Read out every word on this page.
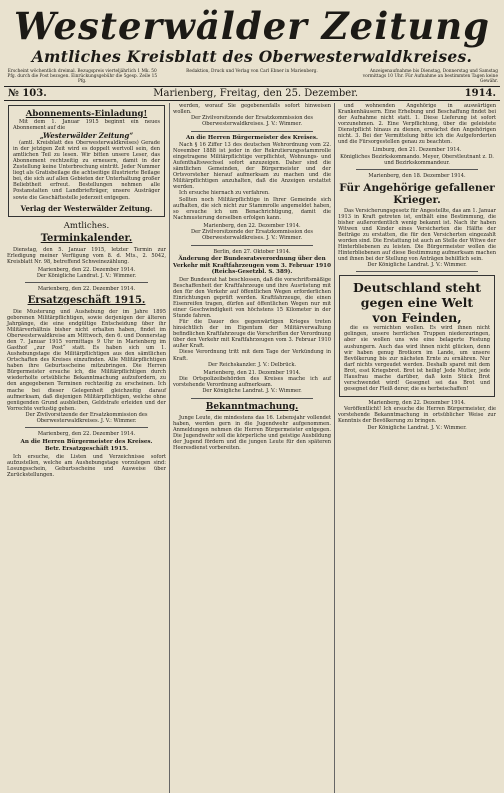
Westerwälder Zeitung
Amtliches Kreisblatt des Oberwesterwaldkreises.
Erscheint wöchentlich dreimal. Bezugspreis vierteljährlich 1 Mk. 50 Pfg. durch die Post bezogen. Einrückungsgebühr die 5gesp. Zeile 15 Pfg.
Redaktion, Druck und Verlag von Carl Ebner in Marienberg.	Anzeigenaufnahme bis Dienstag, Donnerstag und Samstag vormittags 10 Uhr. Für Aufnahme an bestimmten Tagen keine Gewähr.
№ 103.	Marienberg, Freitag, den 25. Dezember.	1914.
Abonnements-Einladung!

Mit dem 1. Januar 1915 beginnt ein neues Abonnement auf die

„Westerwälder Zeitung“

(amtl. Kreisblatt des Oberwesterwaldkreises) Gerade in der jetzigen Zeit wird es doppelt wertvoll sein, den amtlichen Teil zu lesen. Wir bitten unsere Leser, das Abonnement rechtzeitig zu erneuern, damit in der Zustellung keine Unterbrechung eintritt. Jeder Nummer liegt als Gratisbeilage die achtseitige illustrierte Beilage bei, die sich auf allen Gebieten der Unterhaltung großer Beliebtheit erfreut. Bestellungen nehmen alle Postanstalten und Landbriefträger, unsere Austräger sowie die Geschäftsstelle jederzeit entgegen.

Verlag der Westerwälder Zeitung.
Amtliches.
Terminkalender.

Dienstag, den 5. Januar 1915, letzter Termin zur Erledigung meiner Verfügung vom 8. d. Mts., 2. 5042, Kreisblatt Nr. 98, betreffend Schweinezählung.

Marienberg, den 22. Dezember 1914.
Der Königliche Landrat. J. V.: Wimmer.
Marienberg, den 22. Dezember 1914.
Ersatzgeschäft 1915.

Die Musterung und Aushebung der im Jahre 1895 geborenen Militärpflichtigen, sowie derjenigen der älteren Jahrgänge, die eine endgültige Entscheidung über ihr Militärverhältnis bisher nicht erhalten haben, findet im Oberwesterwaldkreise am Mittwoch, den 6. und Donnerstag den 7. Januar 1915 vormittags 9 Uhr in Marienberg im Gasthof „zur Post“ statt. Es haben sich um 1. Aushebungstage die Militärpflichtigen aus den sämtlichen Ortschaften des Kreises einzufinden. Alle Militärpflichtigen haben ihre Geburtsscheine mitzubringen. Die Herren Bürgermeister ersuche ich, die Militärpflichtigen durch wiederholte ortsübliche Bekanntmachung aufzufordern, zu den angegebenen Terminen rechtzeitig zu erscheinen. Ich mache bei dieser Gelegenheit gleichzeitig darauf aufmerksam, daß diejenigen Militärpflichtigen, welche ohne genügenden Grund ausbleiben, Geldstrafe erleiden und der Vorrechte verlustig gehen.

Der Zivilvorsitzende der Ersatzkommission des Oberwesterwaldkreises. J. V.: Wimmer.
Marienberg, den 22. Dezember 1914.
An die Herren Bürgermeister des Kreises.
Betr. Ersatzgeschäft 1915.

Ich ersuche, die Listen und Verzeichnisse sofort aufzustellen, welche am Aushebungstage vorzulegen sind: Losungsschein, Geburtsscheine und Ausweise über Zurückstellungen.

werden, worauf Sie gegebenenfalls sofort hinweisen wollen.

Der Zivilvorsitzende der Ersatzkommission des Oberwesterwaldkreises. J. V.: Wimmer.
An die Herren Bürgermeister des Kreises.

Nach § 16 Ziffer 13 des deutschen Wehrordnung vom 22. November 1888 ist jeder in der Rekrutierungsstammrolle eingetragene Militärpflichtige verpflichtet, Wohnungs- und Aufenthaltswechsel sofort anzuzeigen. Daher sind die sämtlichen Gemeinden, der Bürgermeister und der Ortsvorsteher hierauf aufmerksam zu machen und die Militärpflichtigen anzuhalten, daß die Anzeigen erstattet werden.

Ich ersuche hiernach zu verfahren.

Sollten noch Militärpflichtige in Ihrer Gemeinde sich aufhalten, die sich nicht zur Stammrolle angemeldet haben, so ersuche ich um Benachrichtigung, damit die Nachmusterung derselben erfolgen kann.

Marienberg, den 22. Dezember 1914.
Der Zivilvorsitzende der Ersatzkommission des Oberwesterwaldkreises. J. V.: Wimmer.
Berlin, den 27. Oktober 1914.
Änderung der Bundesratsverordnung über den Verkehr mit Kraftfahrzeugen vom 3. Februar 1910 (Reichs-Gesetzbl. S. 389).

Der Bundesrat hat beschlossen, daß die vorschriftsmäßige Beschaffenheit der Kraftfahrzeuge und ihre Ausrüstung mit den für den Verkehr auf öffentlichen Wegen erforderlichen Einrichtungen geprüft werden. Kraftfahrzeuge, die einen Eisenreifen tragen, dürfen auf öffentlichen Wegen nur mit einer Geschwindigkeit von höchstens 15 Kilometer in der Stunde fahren.

Für die Dauer des gegenwärtigen Krieges treten hinsichtlich der im Eigentum der Militärverwaltung befindlichen Kraftfahrzeuge die Vorschriften der Verordnung über den Verkehr mit Kraftfahrzeugen vom 3. Februar 1910 außer Kraft.

Diese Verordnung tritt mit dem Tage der Verkündung in Kraft.

Der Reichskanzler. J. V.: Delbrück.
Marienberg, den 21. Dezember 1914.

Die Ortspolizeibehörden des Kreises mache ich auf vorstehende Verordnung aufmerksam.

Der Königliche Landrat. J. V.: Wimmer.
Bekanntmachung.

Junge Leute, die mindestens das 16. Lebensjahr vollendet haben, werden gern in die Jugendwehr aufgenommen. Anmeldungen nehmen die Herren Bürgermeister entgegen. Die Jugendwehr soll die körperliche und geistige Ausbildung der Jugend fördern und die jungen Leute für den späteren Heeresdienst vorbereiten.

und wohnenden Angehörige in auswärtigen Krankenhäusern. Eine Erhebung und Beschaffung findet bei der Aufnahme nicht statt. 1. Diese Lieferung ist sofort vorzunehmen. 2. Eine Verpflichtung, über die geleistete Dienstpflicht hinaus zu dienen, erwächst den Angehörigen nicht. 3. Bei der Vermittelung bitte ich die Aufgeforderten und die Fürsorgestellen genau zu beachten.

Limburg, den 21. Dezember 1914.
Königliches Bezirkskommando. Meyer, Oberstleutnant z. D. und Bezirkskommandeur.
Marienberg, den 18. Dezember 1914.
Für Angehörige gefallener Krieger.

Das Versicherungsgesetz für Angestellte, das am 1. Januar 1913 in Kraft getreten ist, enthält eine Bestimmung, die bisher außerordentlich wenig bekannt ist. Nach ihr haben Witwen und Kinder eines Versicherten die Hälfte der Beiträge zu erstatten, die für den Versicherten eingezahlt worden sind. Die Erstattung ist auch an Stelle der Witwe der Hinterbliebenen zu leisten. Die Bürgermeister wollen die Hinterbliebenen auf diese Bestimmung aufmerksam machen und ihnen bei der Stellung von Anträgen behilflich sein.

Der Königliche Landrat. J. V.: Wimmer.
Deutschland steht gegen eine Welt
von Feinden,

die es vernichten wollen. Es wird ihnen nicht gelingen, unsere herrlichen Truppen niederzuringen, aber sie wollen uns wie eine belagerte Festung aushungern. Auch das wird ihnen nicht glücken, denn wir haben genug Brotkorn im Lande, um unsere Bevölkerung bis zur nächsten Ernte zu ernähren. Nur darf nichts vergeudet werden. Deshalb sparet mit dem Brot, esst Kriegsbrot. Brot ist heilig! Jede Mutter, jede Hausfrau mache darüber, daß kein Stück Brot verschwendet wird! Gesegnet sei das Brot und gesegnet der Fleiß derer, die es herbeischaffen!

Marienberg, den 22. Dezember 1914.

Veröffentlicht! Ich ersuche die Herren Bürgermeister, die vorstehende Bekanntmachung in ortsüblicher Weise zur Kenntnis der Bevölkerung zu bringen.

Der Königliche Landrat. J. V.: Wimmer.
